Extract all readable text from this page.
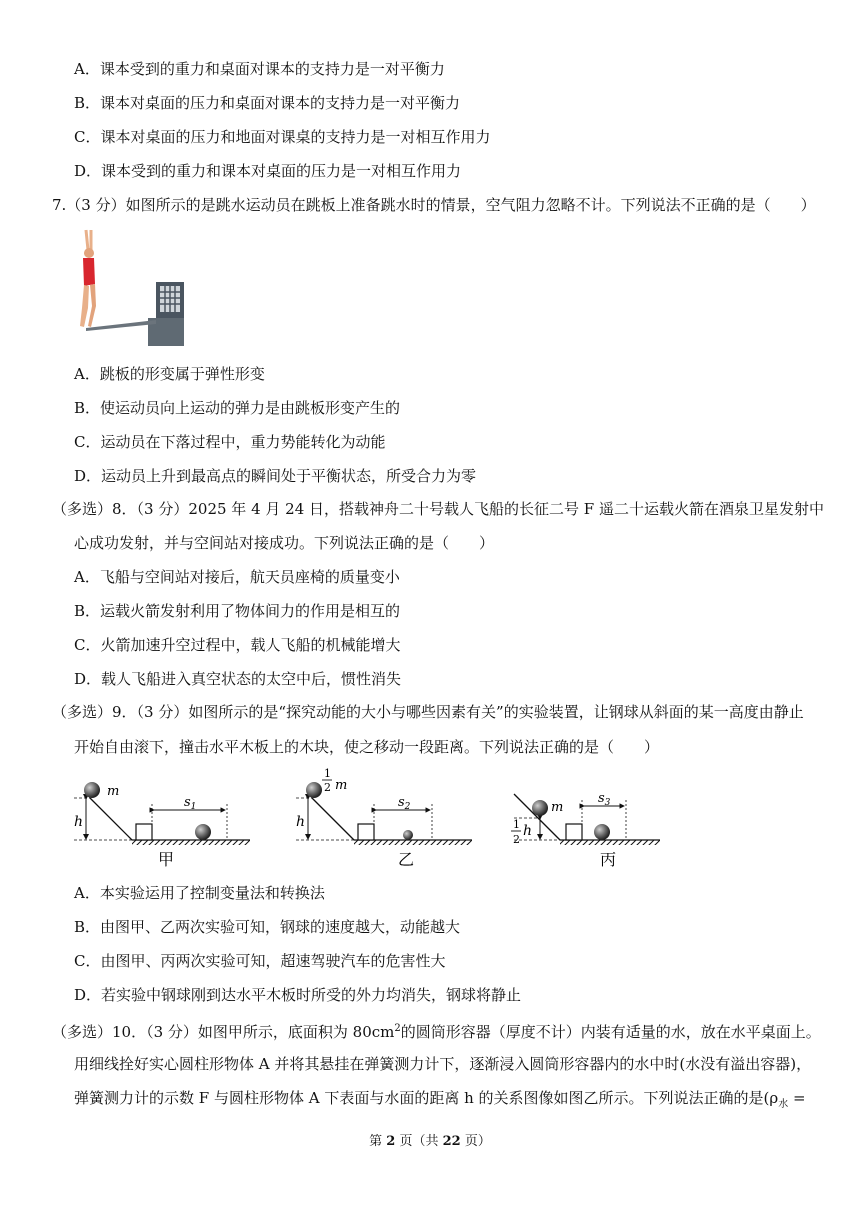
A．课本受到的重力和桌面对课本的支持力是一对平衡力
B．课本对桌面的压力和桌面对课本的支持力是一对平衡力
C．课本对桌面的压力和地面对课桌的支持力是一对相互作用力
D．课本受到的重力和课本对桌面的压力是一对相互作用力
7.（3 分）如图所示的是跳水运动员在跳板上准备跳水时的情景，空气阻力忽略不计。下列说法不正确的是（　　）
A．跳板的形变属于弹性形变
B．使运动员向上运动的弹力是由跳板形变产生的
C．运动员在下落过程中，重力势能转化为动能
D．运动员上升到最高点的瞬间处于平衡状态，所受合力为零
（多选）8．（3 分）2025 年 4 月 24 日，搭载神舟二十号载人飞船的长征二号 F 遥二十运载火箭在酒泉卫星发射中
心成功发射，并与空间站对接成功。下列说法正确的是（　　）
A．飞船与空间站对接后，航天员座椅的质量变小
B．运载火箭发射利用了物体间力的作用是相互的
C．火箭加速升空过程中，载人飞船的机械能增大
D．载人飞船进入真空状态的太空中后，惯性消失
（多选）9．（3 分）如图所示的是“探究动能的大小与哪些因素有关”的实验装置，让钢球从斜面的某一高度由静止
开始自由滚下，撞击水平木板上的木块，使之移动一段距离。下列说法正确的是（　　）
h
m
$s_1$
甲
h
1
2 m
$s_2$
乙
1
2
h
m
$s_3$
丙
A．本实验运用了控制变量法和转换法
B．由图甲、乙两次实验可知，钢球的速度越大，动能越大
C．由图甲、丙两次实验可知，超速驾驶汽车的危害性大
D．若实验中钢球刚到达水平木板时所受的外力均消失，钢球将静止
（多选）10．（3 分）如图甲所示，底面积为 $80cm^2$的圆筒形容器（厚度不计）内装有适量的水，放在水平桌面上。
用细线拴好实心圆柱形物体 A 并将其悬挂在弹簧测力计下，逐渐浸入圆筒形容器内的水中时(水没有溢出容器)，
弹簧测力计的示数 F 与圆柱形物体 A 下表面与水面的距离 h 的关系图像如图乙所示。下列说法正确的是($\rho_水$ =
第 2 页（共 22 页）
